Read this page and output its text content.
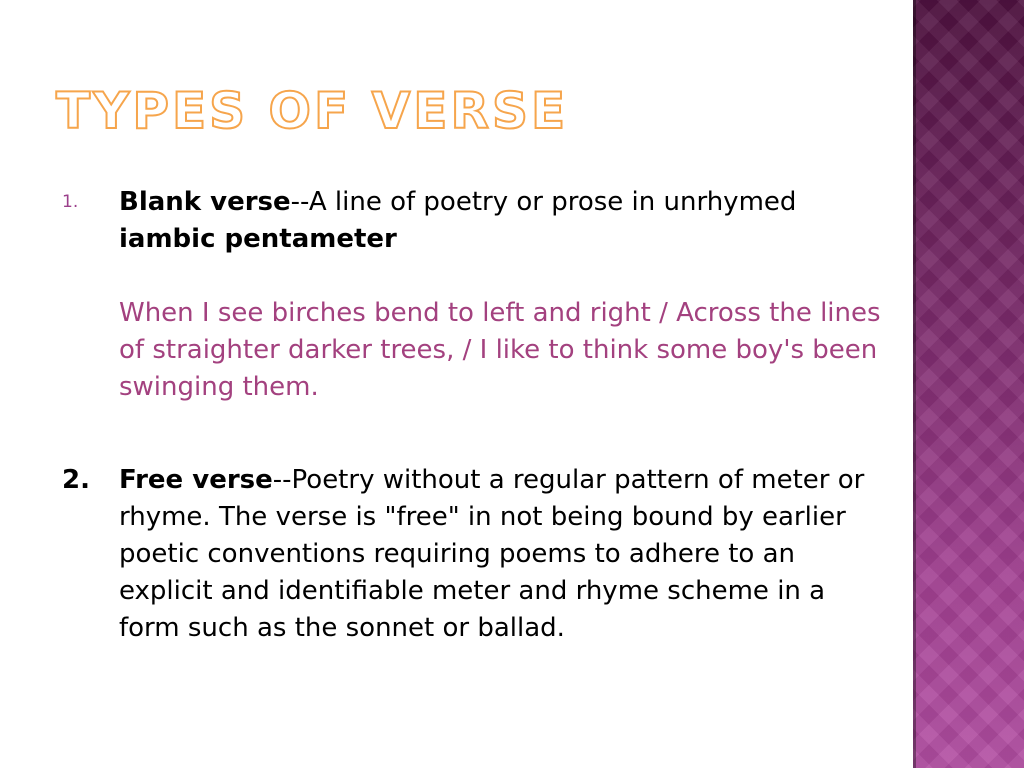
TYPES OF VERSE
1. Blank verse--A line of poetry or prose in unrhymed iambic pentameter
When I see birches bend to left and right / Across the lines of straighter darker trees, / I like to think some boy's been swinging them.
2. Free verse--Poetry without a regular pattern of meter or rhyme. The verse is "free" in not being bound by earlier poetic conventions requiring poems to adhere to an explicit and identifiable meter and rhyme scheme in a form such as the sonnet or ballad.
